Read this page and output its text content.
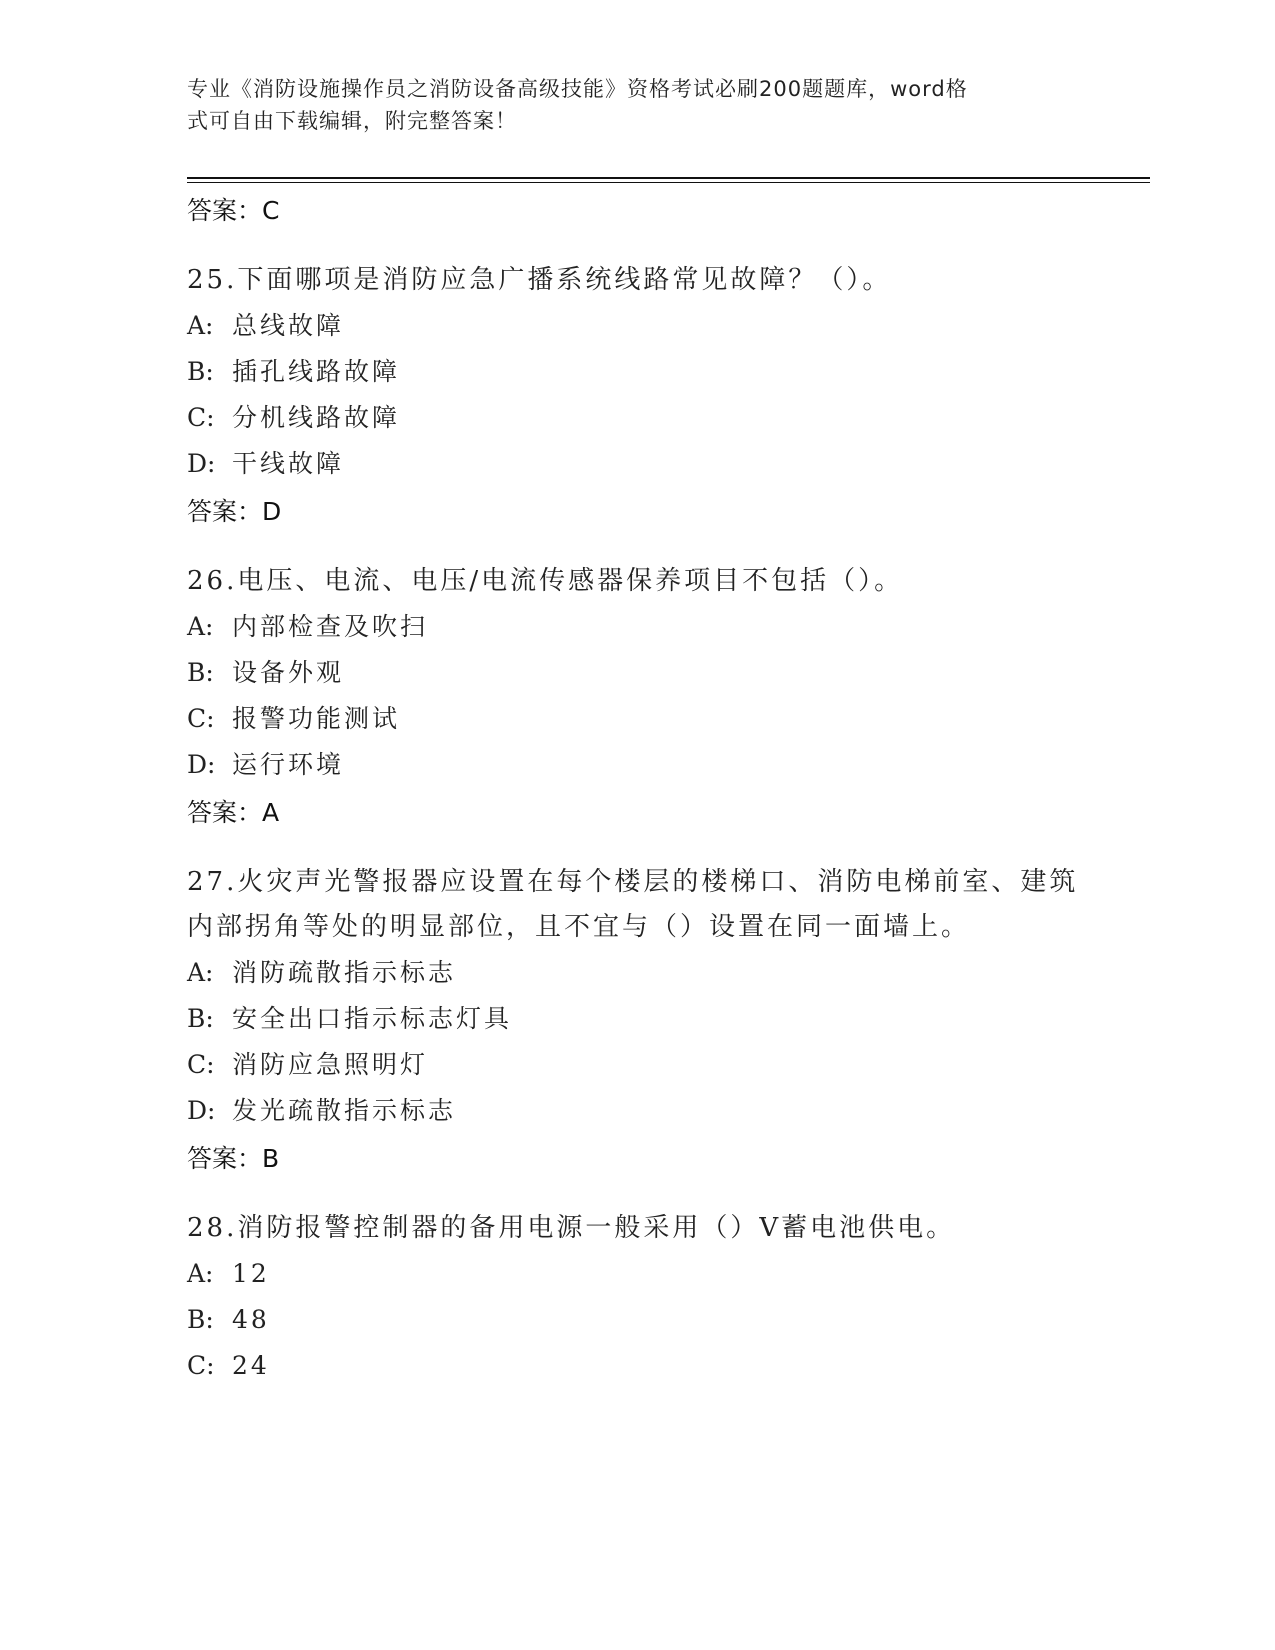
专业《消防设施操作员之消防设备高级技能》资格考试必刷200题题库，word格
式可自由下载编辑，附完整答案！
答案：C
25.下面哪项是消防应急广播系统线路常见故障？（）。
A: 总线故障
B: 插孔线路故障
C: 分机线路故障
D: 干线故障
答案：D
26.电压、电流、电压/电流传感器保养项目不包括（）。
A: 内部检查及吹扫
B: 设备外观
C: 报警功能测试
D: 运行环境
答案：A
27.火灾声光警报器应设置在每个楼层的楼梯口、消防电梯前室、建筑
内部拐角等处的明显部位，且不宜与（）设置在同一面墙上。
A: 消防疏散指示标志
B: 安全出口指示标志灯具
C: 消防应急照明灯
D: 发光疏散指示标志
答案：B
28.消防报警控制器的备用电源一般采用（）V蓄电池供电。
A: 12
B: 48
C: 24
